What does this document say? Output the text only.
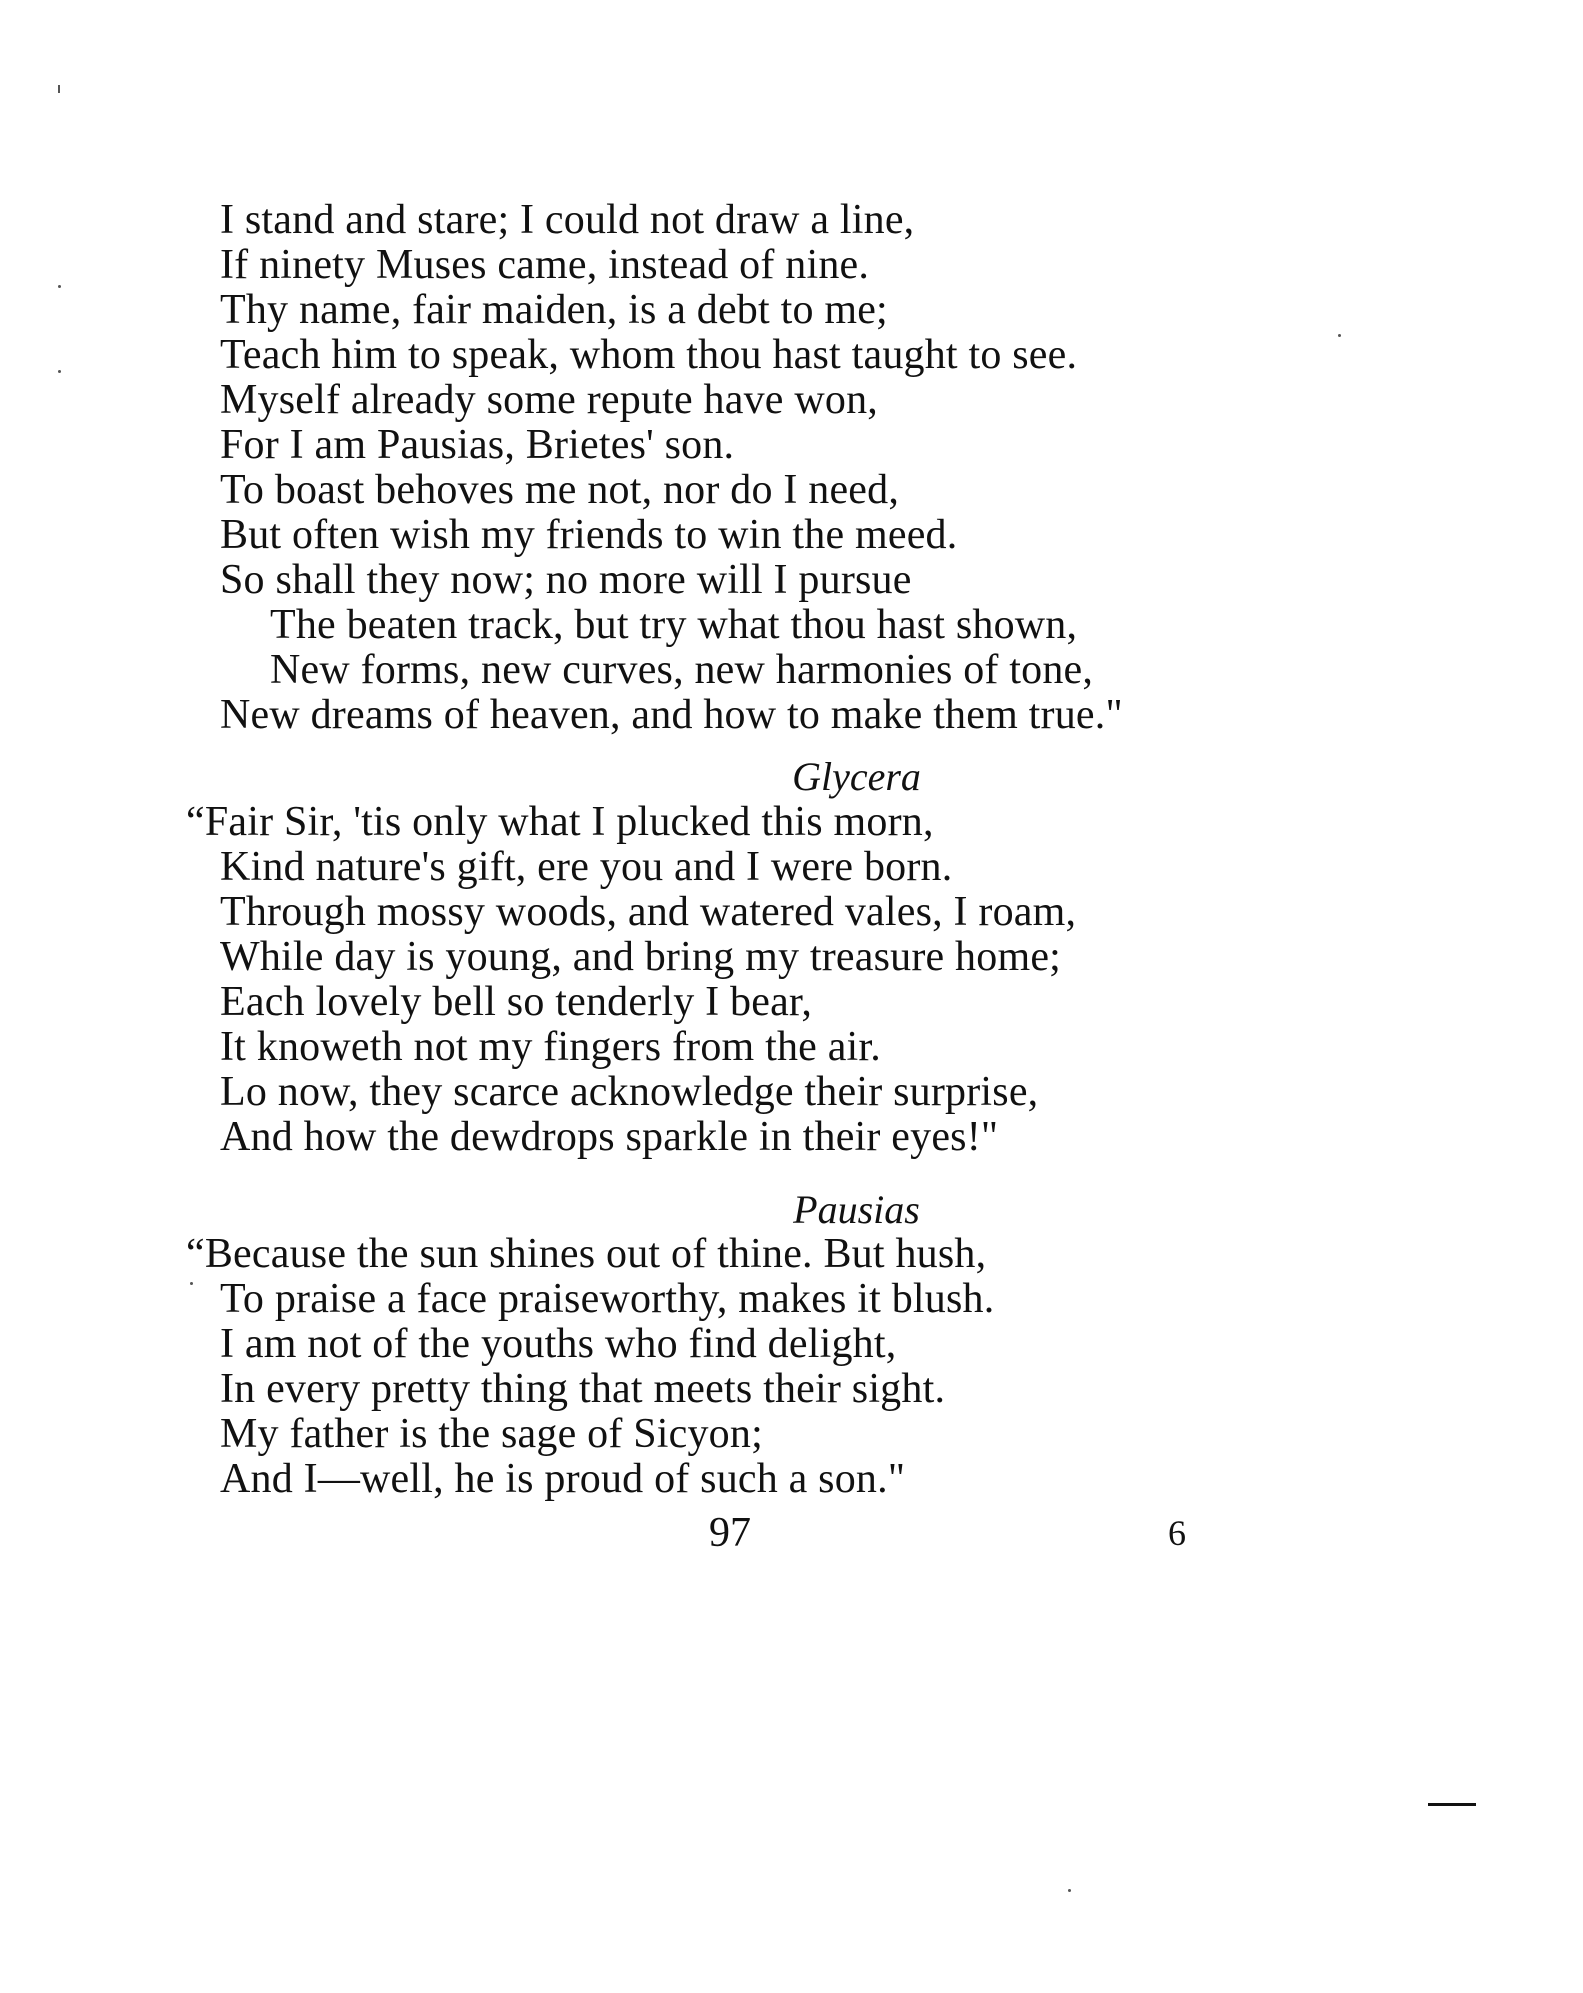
I stand and stare; I could not draw a line,
If ninety Muses came, instead of nine.
Thy name, fair maiden, is a debt to me;
Teach him to speak, whom thou hast taught to see.
Myself already some repute have won,
For I am Pausias, Brietes' son.
To boast behoves me not, nor do I need,
But often wish my friends to win the meed.
So shall they now; no more will I pursue
The beaten track, but try what thou hast shown,
New forms, new curves, new harmonies of tone,
New dreams of heaven, and how to make them true."

Glycera

“Fair Sir, 'tis only what I plucked this morn,
Kind nature's gift, ere you and I were born.
Through mossy woods, and watered vales, I roam,
While day is young, and bring my treasure home;
Each lovely bell so tenderly I bear,
It knoweth not my fingers from the air.
Lo now, they scarce acknowledge their surprise,
And how the dewdrops sparkle in their eyes!"

Pausias

“Because the sun shines out of thine. But hush,
To praise a face praiseworthy, makes it blush.
I am not of the youths who find delight,
In every pretty thing that meets their sight.
My father is the sage of Sicyon;
And I—well, he is proud of such a son."

97	6
